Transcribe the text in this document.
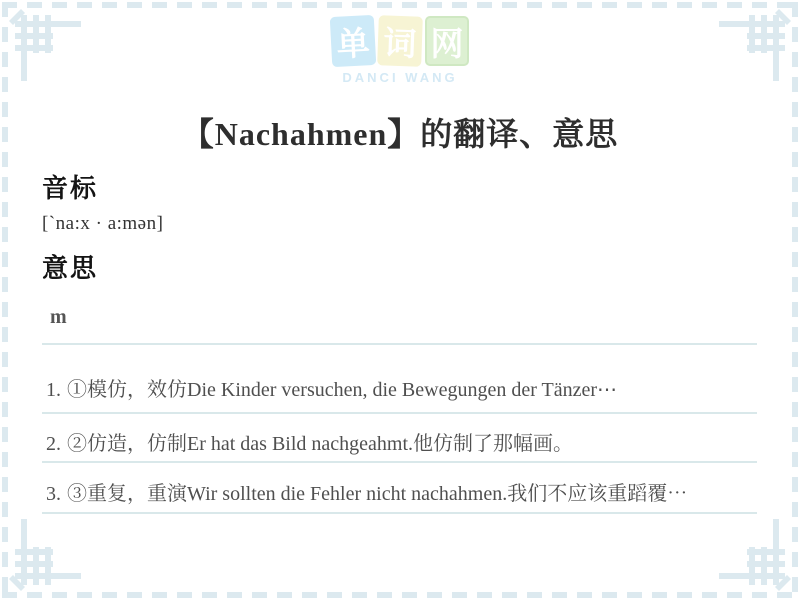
单 词 网
DANCI WANG
【Nachahmen】的翻译、意思
音标
[`na:x · a:mən]
意思
m
1. ①模仿，效仿Die Kinder versuchen, die Bewegungen der Tänzer⋯
2. ②仿造，仿制Er hat das Bild nachgeahmt.他仿制了那幅画。
3. ③重复，重演Wir sollten die Fehler nicht nachahmen.我们不应该重蹈覆⋯
